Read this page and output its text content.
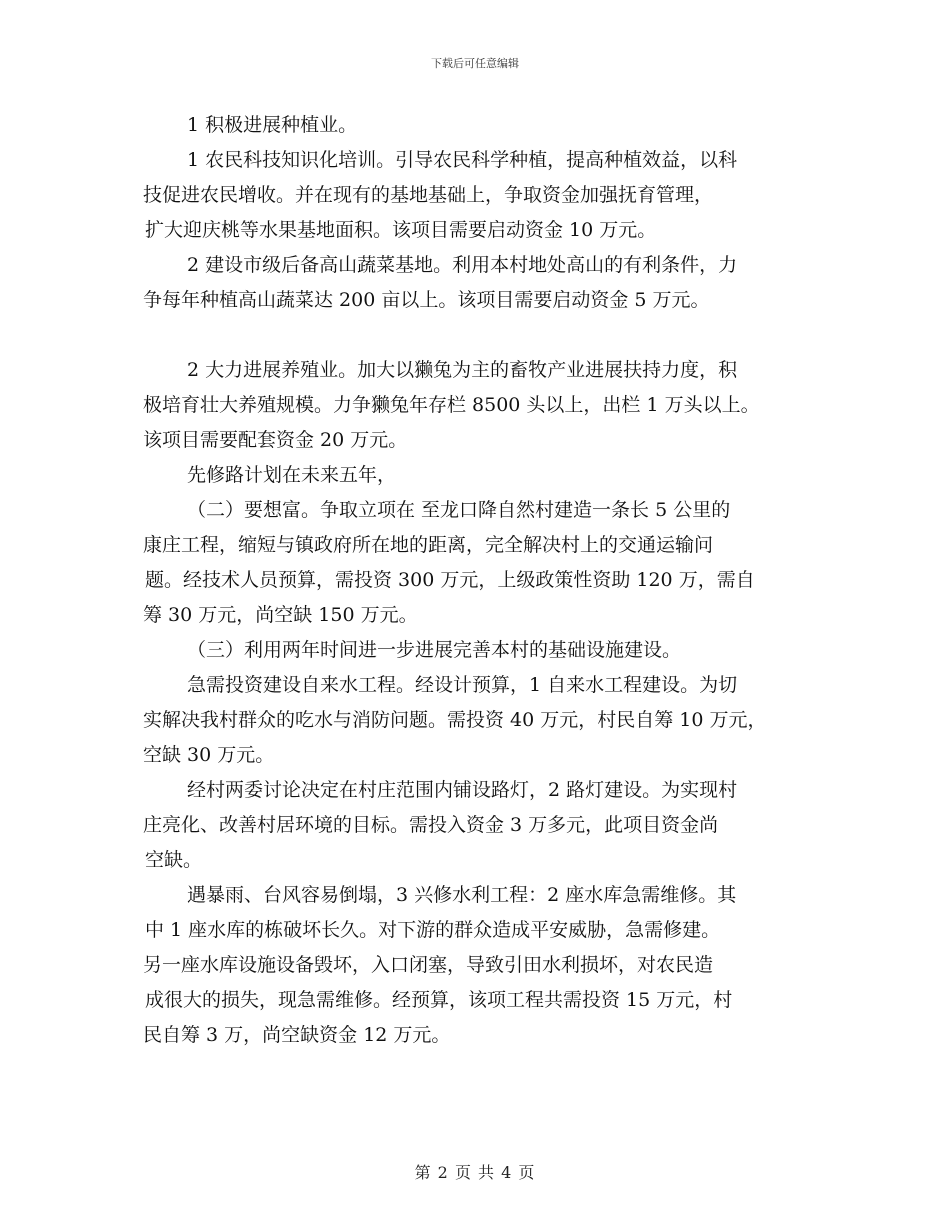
下载后可任意编辑
1 积极进展种植业。
1 农民科技知识化培训。引导农民科学种植，提高种植效益，以科
技促进农民增收。并在现有的基地基础上，争取资金加强抚育管理，
扩大迎庆桃等水果基地面积。该项目需要启动资金 10 万元。
2 建设市级后备高山蔬菜基地。利用本村地处高山的有利条件，力
争每年种植高山蔬菜达 200 亩以上。该项目需要启动资金 5 万元。
2 大力进展养殖业。加大以獭兔为主的畜牧产业进展扶持力度，积
极培育壮大养殖规模。力争獭兔年存栏 8500 头以上，出栏 1 万头以上。
该项目需要配套资金 20 万元。
先修路计划在未来五年，
（二）要想富。争取立项在 至龙口降自然村建造一条长 5 公里的
康庄工程，缩短与镇政府所在地的距离，完全解决村上的交通运输问
题。经技术人员预算，需投资 300 万元，上级政策性资助 120 万，需自
筹 30 万元，尚空缺 150 万元。
（三）利用两年时间进一步进展完善本村的基础设施建设。
急需投资建设自来水工程。经设计预算，1 自来水工程建设。为切
实解决我村群众的吃水与消防问题。需投资 40 万元，村民自筹 10 万元，
空缺 30 万元。
经村两委讨论决定在村庄范围内铺设路灯，2 路灯建设。为实现村
庄亮化、改善村居环境的目标。需投入资金 3 万多元，此项目资金尚
空缺。
遇暴雨、台风容易倒塌，3 兴修水利工程：2 座水库急需维修。其
中 1 座水库的栋破坏长久。对下游的群众造成平安威胁，急需修建。
另一座水库设施设备毁坏，入口闭塞，导致引田水利损坏，对农民造
成很大的损失，现急需维修。经预算，该项工程共需投资 15 万元，村
民自筹 3 万，尚空缺资金 12 万元。
第 2 页 共 4 页
